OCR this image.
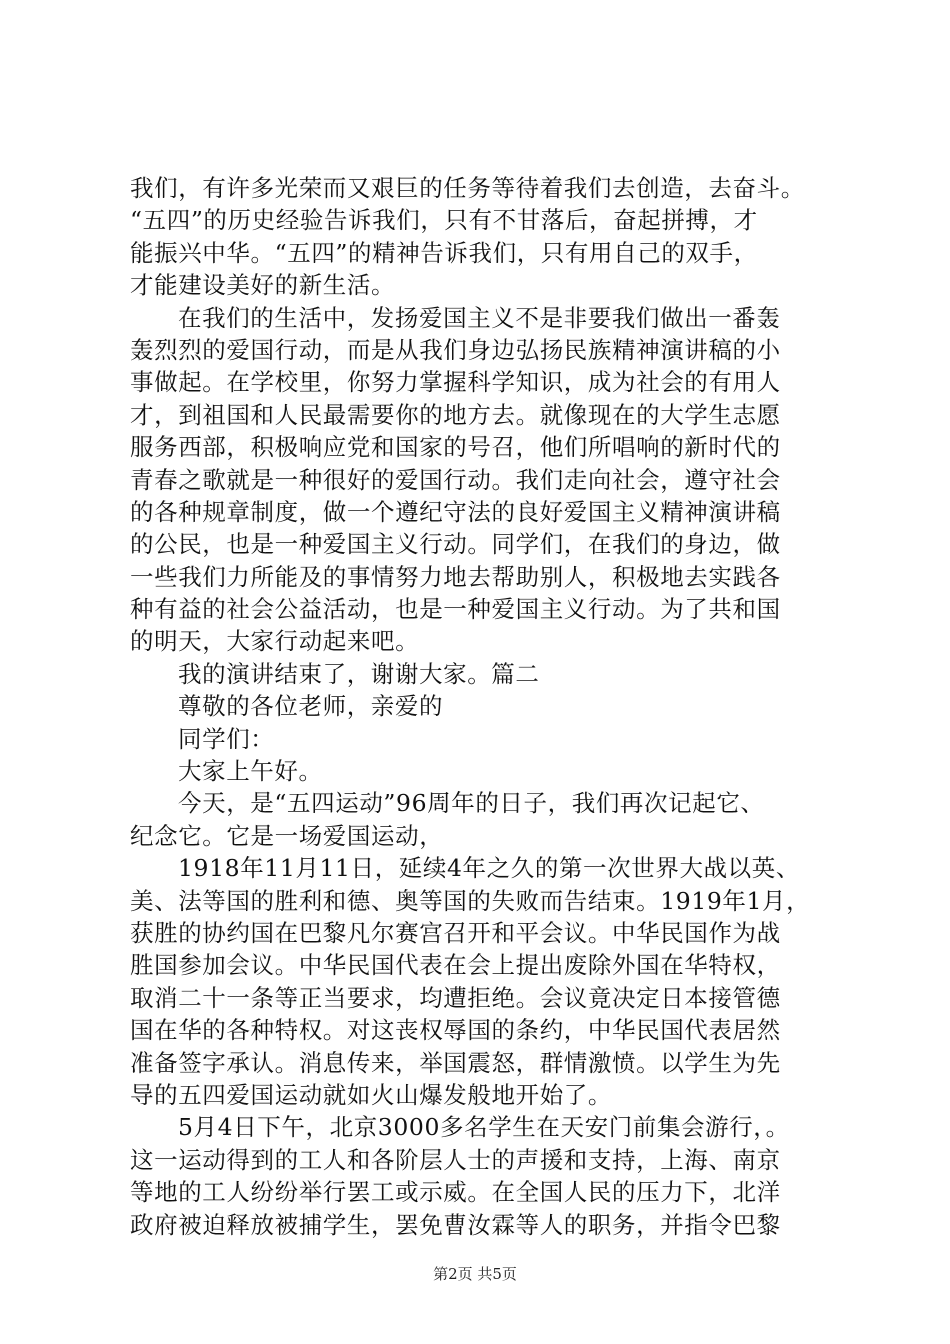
我们，有许多光荣而又艰巨的任务等待着我们去创造，去奋斗。
“五四”的历史经验告诉我们，只有不甘落后，奋起拼搏，才
能振兴中华。“五四”的精神告诉我们，只有用自己的双手，
才能建设美好的新生活。
在我们的生活中，发扬爱国主义不是非要我们做出一番轰
轰烈烈的爱国行动，而是从我们身边弘扬民族精神演讲稿的小
事做起。在学校里，你努力掌握科学知识，成为社会的有用人
才，到祖国和人民最需要你的地方去。就像现在的大学生志愿
服务西部，积极响应党和国家的号召，他们所唱响的新时代的
青春之歌就是一种很好的爱国行动。我们走向社会，遵守社会
的各种规章制度，做一个遵纪守法的良好爱国主义精神演讲稿
的公民，也是一种爱国主义行动。同学们，在我们的身边，做
一些我们力所能及的事情努力地去帮助别人，积极地去实践各
种有益的社会公益活动，也是一种爱国主义行动。为了共和国
的明天，大家行动起来吧。
我的演讲结束了，谢谢大家。篇二
尊敬的各位老师，亲爱的
同学们：
大家上午好。
今天，是“五四运动”96周年的日子，我们再次记起它、
纪念它。它是一场爱国运动，
1918年11月11日，延续4年之久的第一次世界大战以英、
美、法等国的胜利和德、奥等国的失败而告结束。1919年1月，
获胜的协约国在巴黎凡尔赛宫召开和平会议。中华民国作为战
胜国参加会议。中华民国代表在会上提出废除外国在华特权，
取消二十一条等正当要求，均遭拒绝。会议竟决定日本接管德
国在华的各种特权。对这丧权辱国的条约，中华民国代表居然
准备签字承认。消息传来，举国震怒，群情激愤。以学生为先
导的五四爱国运动就如火山爆发般地开始了。
5月4日下午，北京3000多名学生在天安门前集会游行，。
这一运动得到的工人和各阶层人士的声援和支持，上海、南京
等地的工人纷纷举行罢工或示威。在全国人民的压力下，北洋
政府被迫释放被捕学生，罢免曹汝霖等人的职务，并指令巴黎
第2页 共5页
